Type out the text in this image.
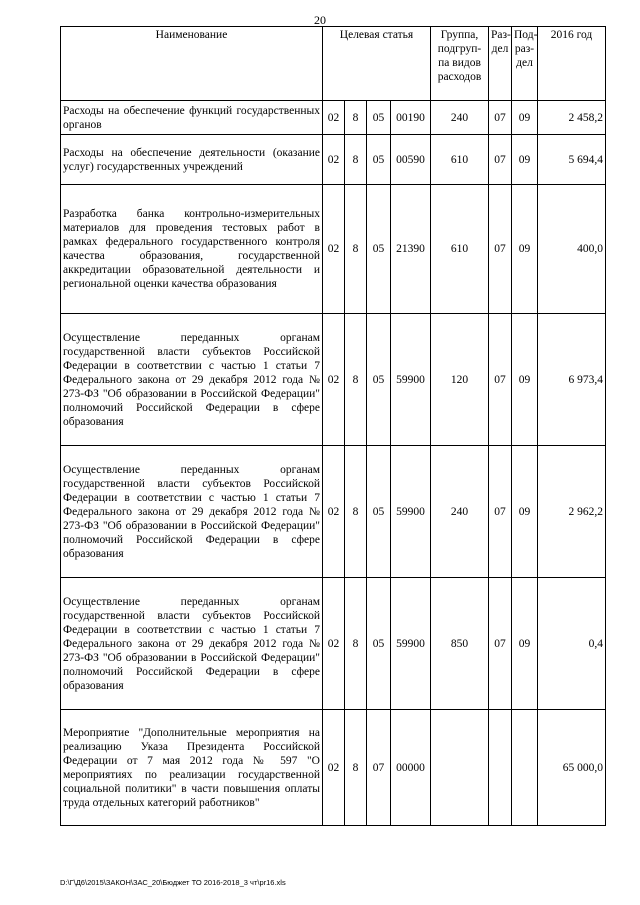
20
Наименование	Целевая статья				Группа, подгруп-па видов расходов	Раз-дел	Под-раз-дел	2016 год
Расходы на обеспечение функций государственных органов	02	8	05	00190	240	07	09	2 458,2
Расходы на обеспечение деятельности (оказание услуг) государственных учреждений	02	8	05	00590	610	07	09	5 694,4
Разработка банка контрольно-измерительных материалов для проведения тестовых работ в рамках федерального государственного контроля качества образования, государственной аккредитации образовательной деятельности и региональной оценки качества образования	02	8	05	21390	610	07	09	400,0
Осуществление переданных органам государственной власти субъектов Российской Федерации в соответствии с частью 1 статьи 7 Федерального закона от 29 декабря 2012 года № 273-ФЗ "Об образовании в Российской Федерации" полномочий Российской Федерации в сфере образования	02	8	05	59900	120	07	09	6 973,4
Осуществление переданных органам государственной власти субъектов Российской Федерации в соответствии с частью 1 статьи 7 Федерального закона от 29 декабря 2012 года № 273-ФЗ "Об образовании в Российской Федерации" полномочий Российской Федерации в сфере образования	02	8	05	59900	240	07	09	2 962,2
Осуществление переданных органам государственной власти субъектов Российской Федерации в соответствии с частью 1 статьи 7 Федерального закона от 29 декабря 2012 года № 273-ФЗ "Об образовании в Российской Федерации" полномочий Российской Федерации в сфере образования	02	8	05	59900	850	07	09	0,4
Мероприятие "Дополнительные мероприятия на реализацию Указа Президента Российской Федерации от 7 мая 2012 года № 597 "О мероприятиях по реализации государственной социальной политики" в части повышения оплаты труда отдельных категорий работников"	02	8	07	00000				65 000,0
D:\Г\Д6\2015\ЗАКОН\ЗАС_20\Бюджет ТО 2016-2018_3 чт\pr16.xls
